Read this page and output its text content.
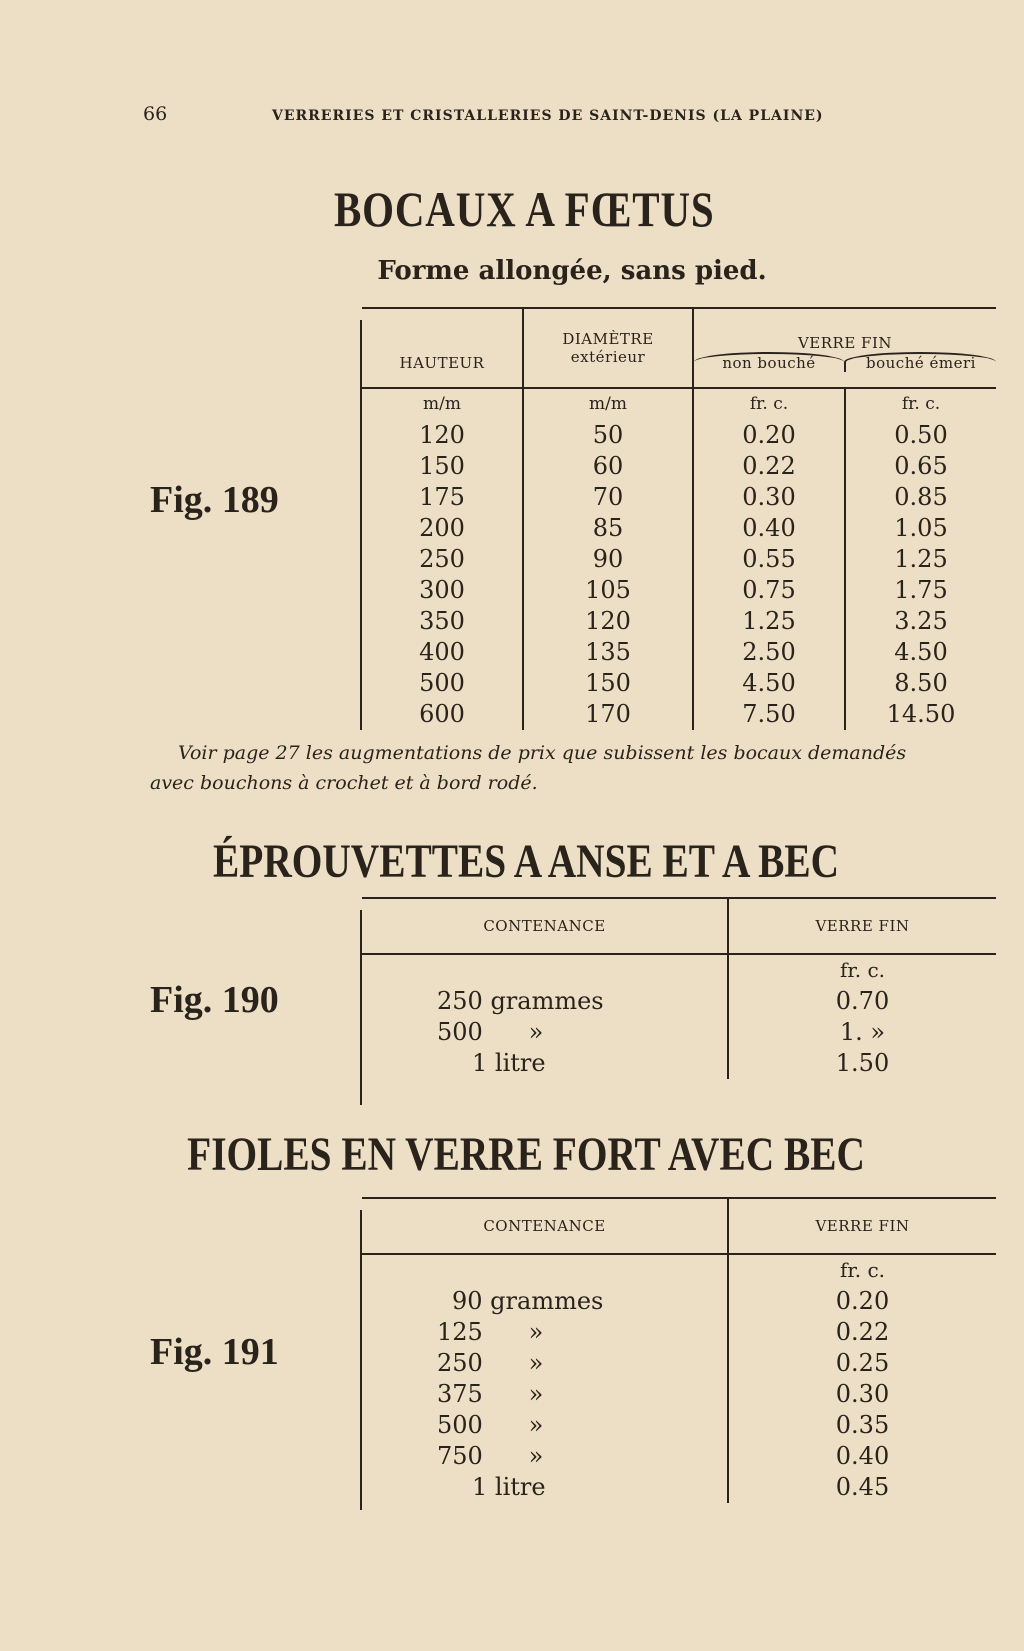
66	VERRERIES ET CRISTALLERIES DE SAINT-DENIS (LA PLAINE)
BOCAUX A FŒTUS
Forme allongée, sans pied.
Fig. 189
HAUTEUR	
DIAMÈTRE
extérieur

VERRE FIN
non bouché	bouché émeri

m/m	m/m	fr. c.	fr. c.
120	50	0.20	0.50
150	60	0.22	0.65
175	70	0.30	0.85
200	85	0.40	1.05
250	90	0.55	1.25
300	105	0.75	1.75
350	120	1.25	3.25
400	135	2.50	4.50
500	150	4.50	8.50
600	170	7.50	14.50
Voir page 27 les augmentations de prix que subissent les bocaux demandés
avec bouchons à crochet et à bord rodé.
ÉPROUVETTES A ANSE ET A BEC
Fig. 190
CONTENANCE	VERRE FIN
	fr. c.
250 grammes	0.70
500      »	1. »
1 litre	1.50
FIOLES EN VERRE FORT AVEC BEC
Fig. 191
CONTENANCE	VERRE FIN
	fr. c.
90 grammes	0.20
125      »	0.22
250      »	0.25
375      »	0.30
500      »	0.35
750      »	0.40
1 litre	0.45
